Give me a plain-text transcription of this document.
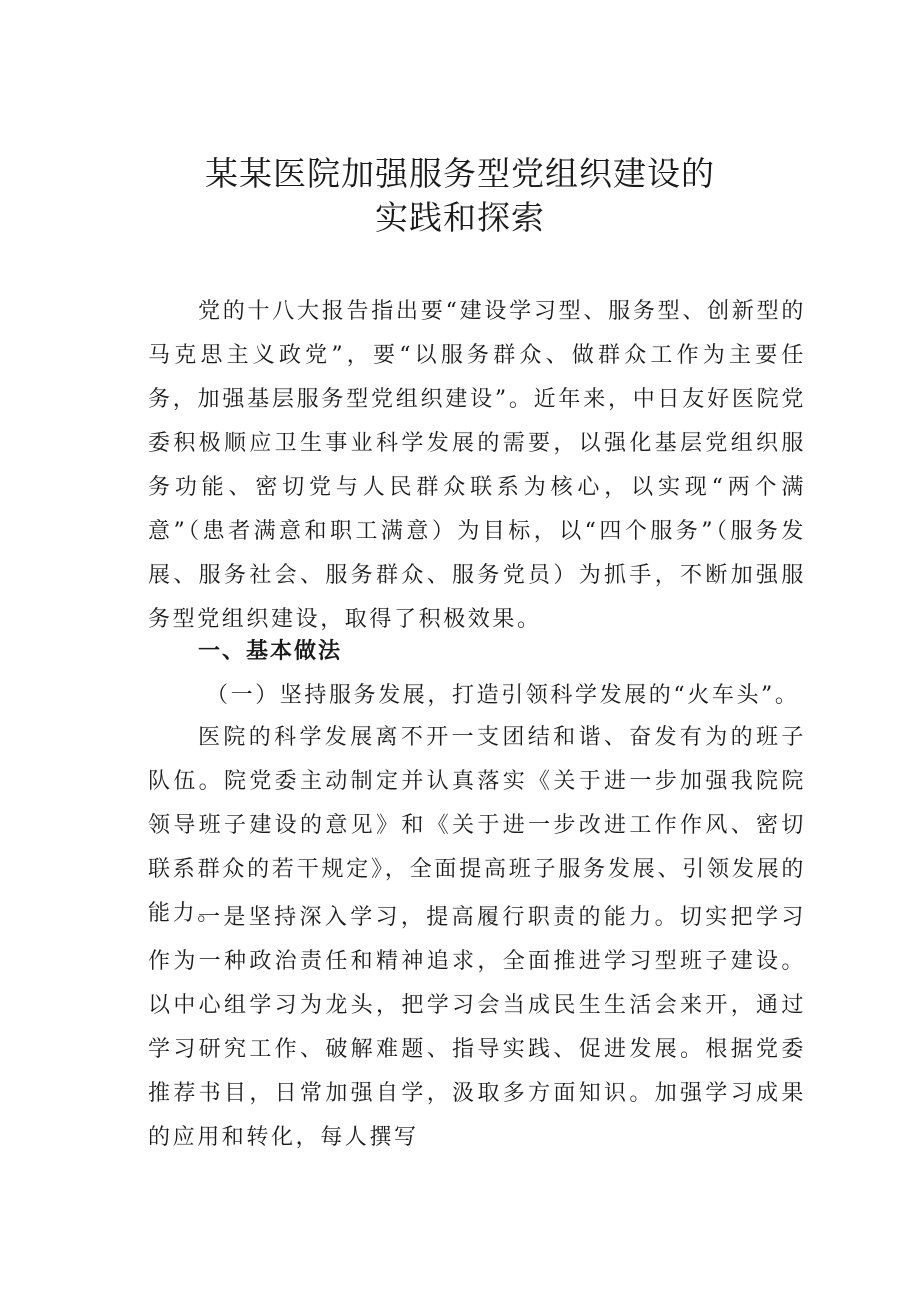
某某医院加强服务型党组织建设的
实践和探索

党的十八大报告指出要“建设学习型、服务型、创新型的马克思主义政党”，要“以服务群众、做群众工作为主要任务，加强基层服务型党组织建设”。近年来，中日友好医院党委积极顺应卫生事业科学发展的需要，以强化基层党组织服务功能、密切党与人民群众联系为核心，以实现“两个满意”（患者满意和职工满意）为目标，以“四个服务”（服务发展、服务社会、服务群众、服务党员）为抓手，不断加强服务型党组织建设，取得了积极效果。

一、基本做法

（一）坚持服务发展，打造引领科学发展的“火车头”。

医院的科学发展离不开一支团结和谐、奋发有为的班子队伍。院党委主动制定并认真落实《关于进一步加强我院院领导班子建设的意见》和《关于进一步改进工作作风、密切联系群众的若干规定》，全面提高班子服务发展、引领发展的能力。

一是坚持深入学习，提高履行职责的能力。切实把学习作为一种政治责任和精神追求，全面推进学习型班子建设。以中心组学习为龙头，把学习会当成民生生活会来开，通过学习研究工作、破解难题、指导实践、促进发展。根据党委推荐书目，日常加强自学，汲取多方面知识。加强学习成果的应用和转化，每人撰写
